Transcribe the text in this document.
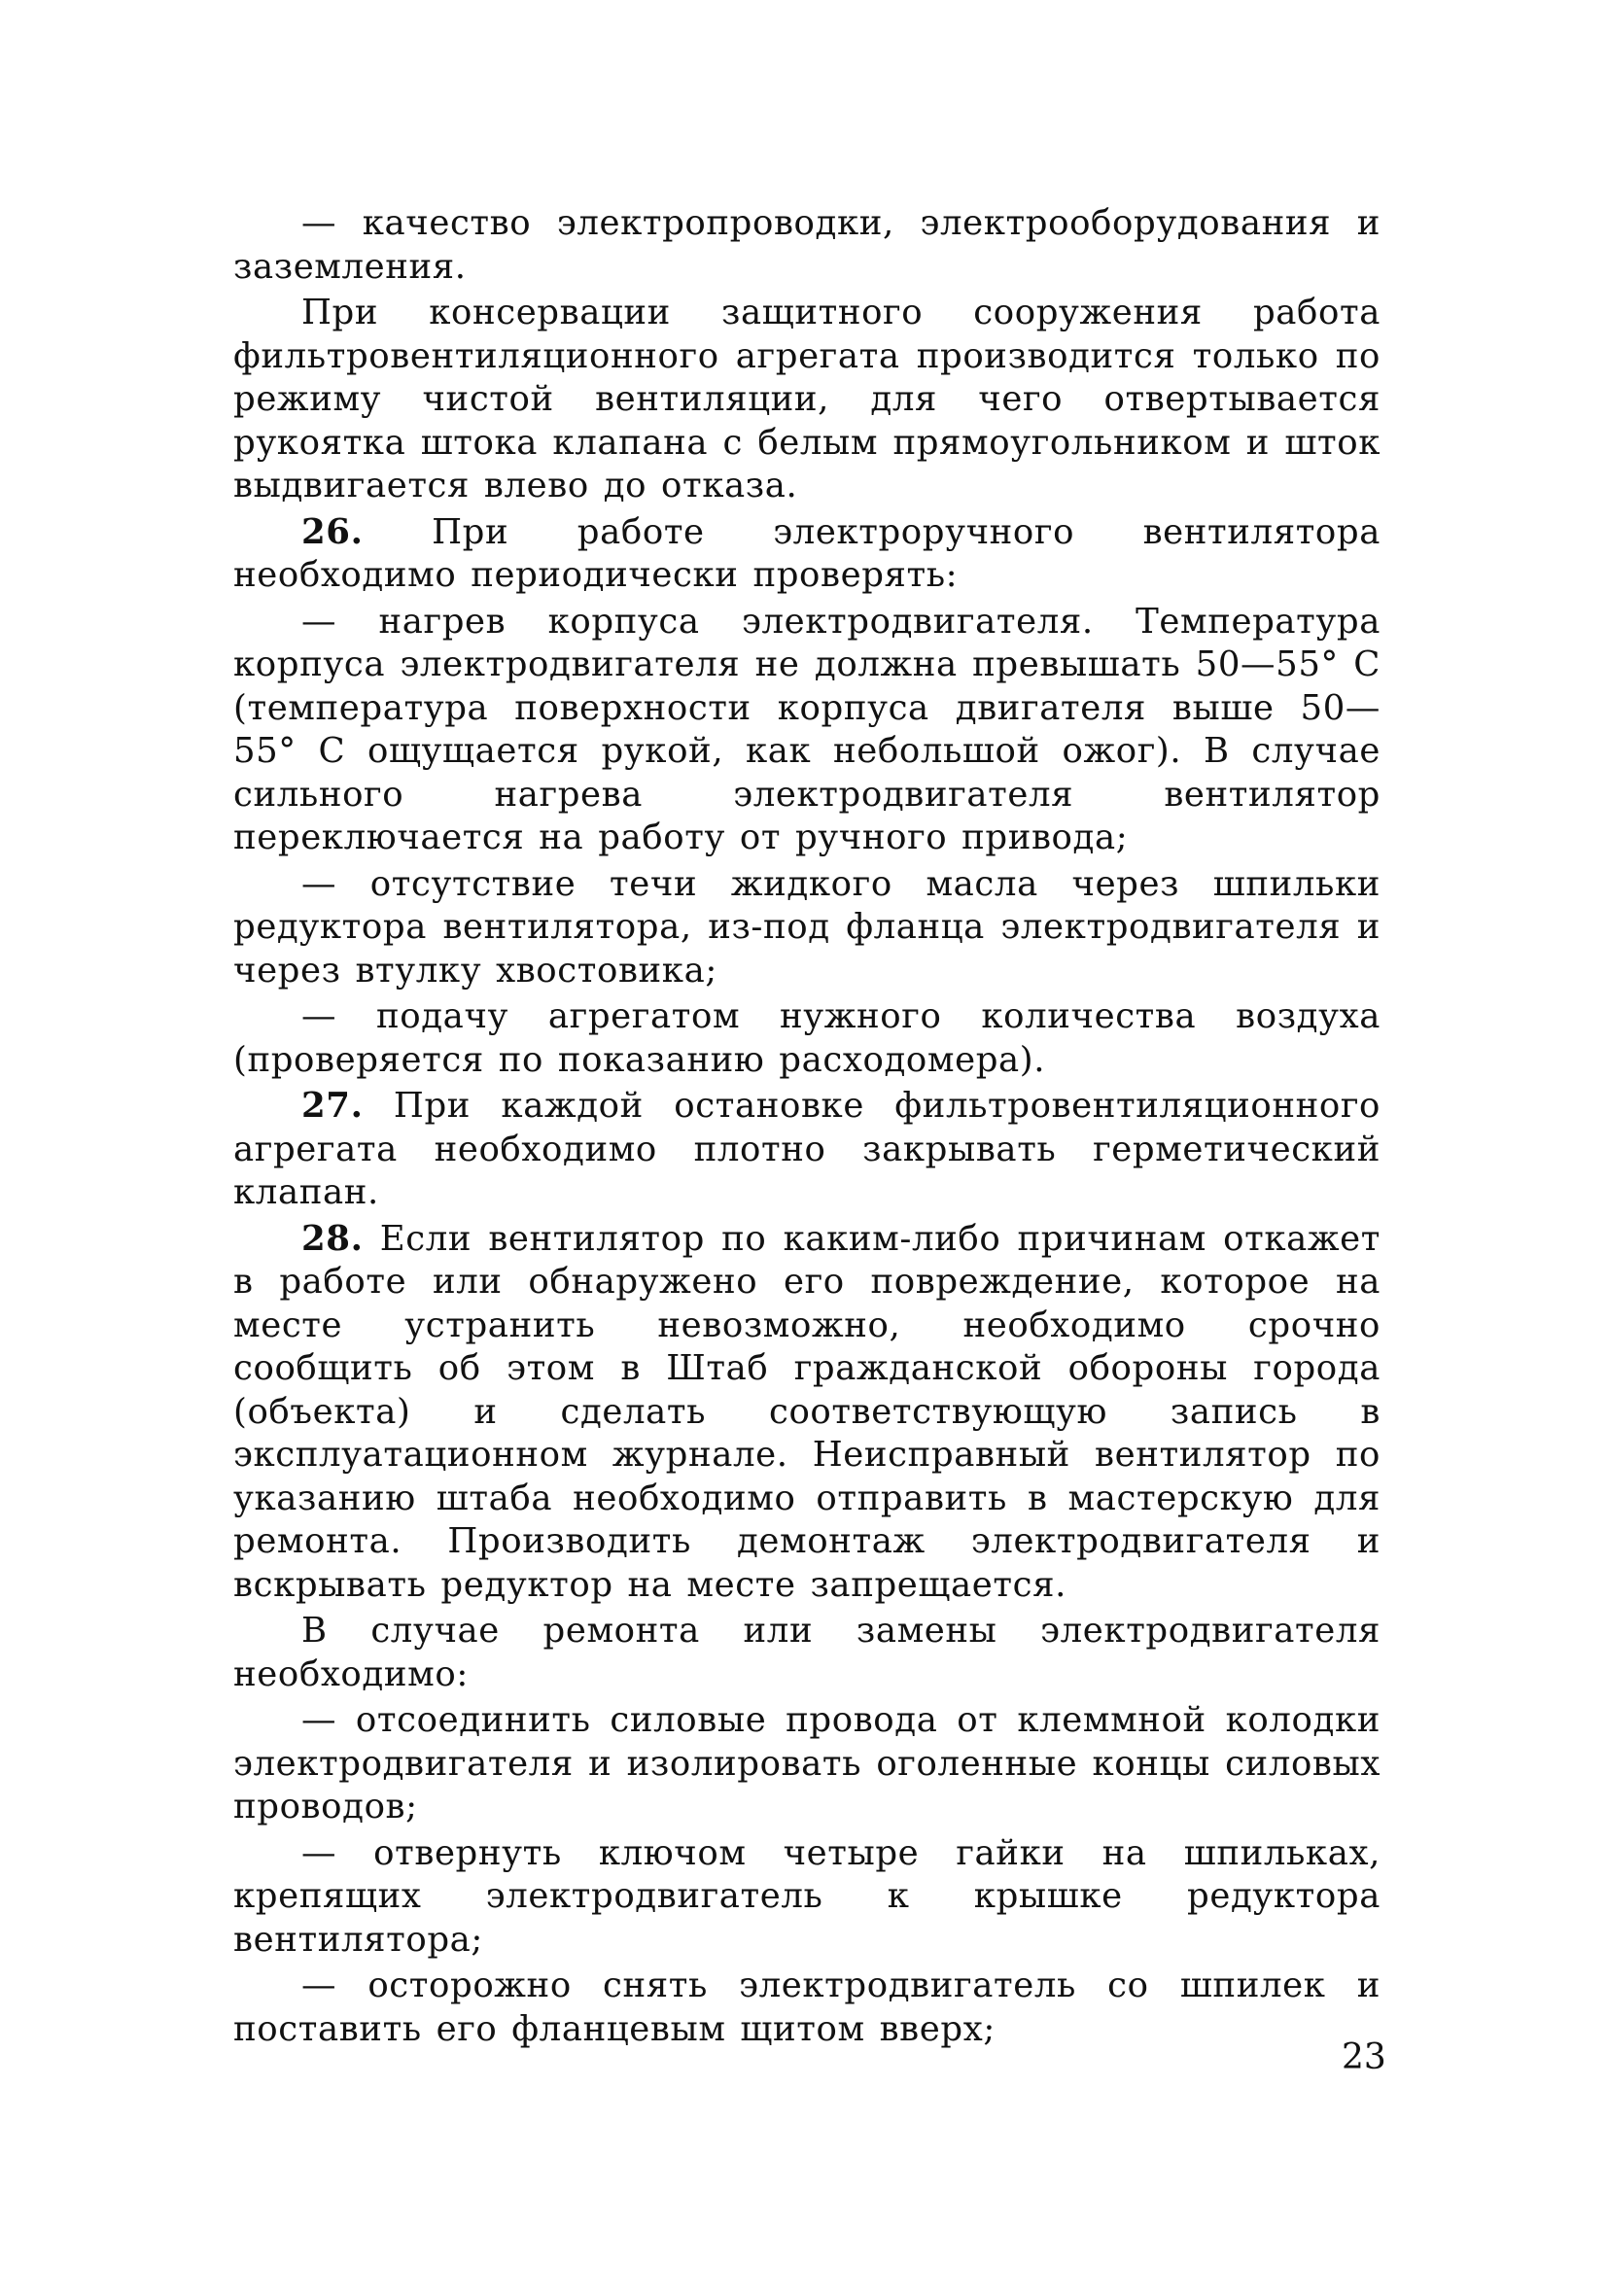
— качество электропроводки, электрооборудования и заземления.

При консервации защитного сооружения работа фильтровентиляционного агрегата производится только по режиму чистой вентиляции, для чего отвертывается рукоятка штока клапана с белым прямоугольником и шток выдвигается влево до отказа.

26. При работе электроручного вентилятора необходимо периодически проверять:

— нагрев корпуса электродвигателя. Температура корпуса электродвигателя не должна превышать 50—55° С (температура поверхности корпуса двигателя выше 50—55° С ощущается рукой, как небольшой ожог). В случае сильного нагрева электродвигателя вентилятор переключается на работу от ручного привода;

— отсутствие течи жидкого масла через шпильки редуктора вентилятора, из-под фланца электродвигателя и через втулку хвостовика;

— подачу агрегатом нужного количества воздуха (проверяется по показанию расходомера).

27. При каждой остановке фильтровентиляционного агрегата необходимо плотно закрывать герметический клапан.

28. Если вентилятор по каким-либо причинам откажет в работе или обнаружено его повреждение, которое на месте устранить невозможно, необходимо срочно сообщить об этом в Штаб гражданской обороны города (объекта) и сделать соответствующую запись в эксплуатационном журнале. Неисправный вентилятор по указанию штаба необходимо отправить в мастерскую для ремонта. Производить демонтаж электродвигателя и вскрывать редуктор на месте запрещается.

В случае ремонта или замены электродвигателя необходимо:

— отсоединить силовые провода от клеммной колодки электродвигателя и изолировать оголенные концы силовых проводов;

— отвернуть ключом четыре гайки на шпильках, крепящих электродвигатель к крышке редуктора вентилятора;

— осторожно снять электродвигатель со шпилек и поставить его фланцевым щитом вверх;

23
